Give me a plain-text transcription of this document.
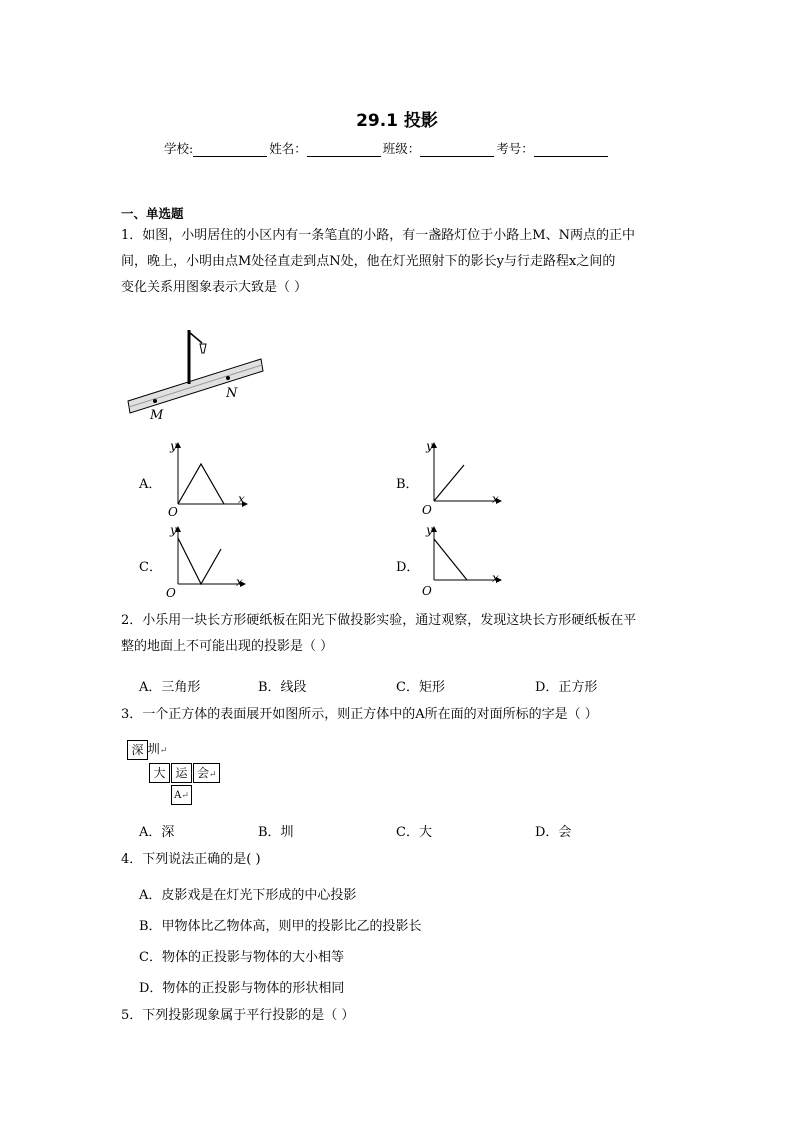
29.1 投影
学校:	姓名：	班级：	考号：
一、单选题
1．如图，小明居住的小区内有一条笔直的小路，有一盏路灯位于小路上M、N两点的正中
间，晚上，小明由点M处径直走到点N处，他在灯光照射下的影长y与行走路程x之间的
变化关系用图象表示大致是（ ）
M
N
A．
y
x
O
B．
y
x
O
C．
y
x
O
D．
y
x
O
2．小乐用一块长方形硬纸板在阳光下做投影实验，通过观察，发现这块长方形硬纸板在平
整的地面上不可能出现的投影是（ ）
A．三角形	B．线段	C．矩形	D．正方形
3．一个正方体的表面展开如图所示，则正方体中的A所在面的对面所标的字是（ ）
深 圳↵
大 运 会↵
A↵
A．深	B．圳	C．大	D．会
4．下列说法正确的是( )
A．皮影戏是在灯光下形成的中心投影
B．甲物体比乙物体高，则甲的投影比乙的投影长
C．物体的正投影与物体的大小相等
D．物体的正投影与物体的形状相同
5．下列投影现象属于平行投影的是（ ）
